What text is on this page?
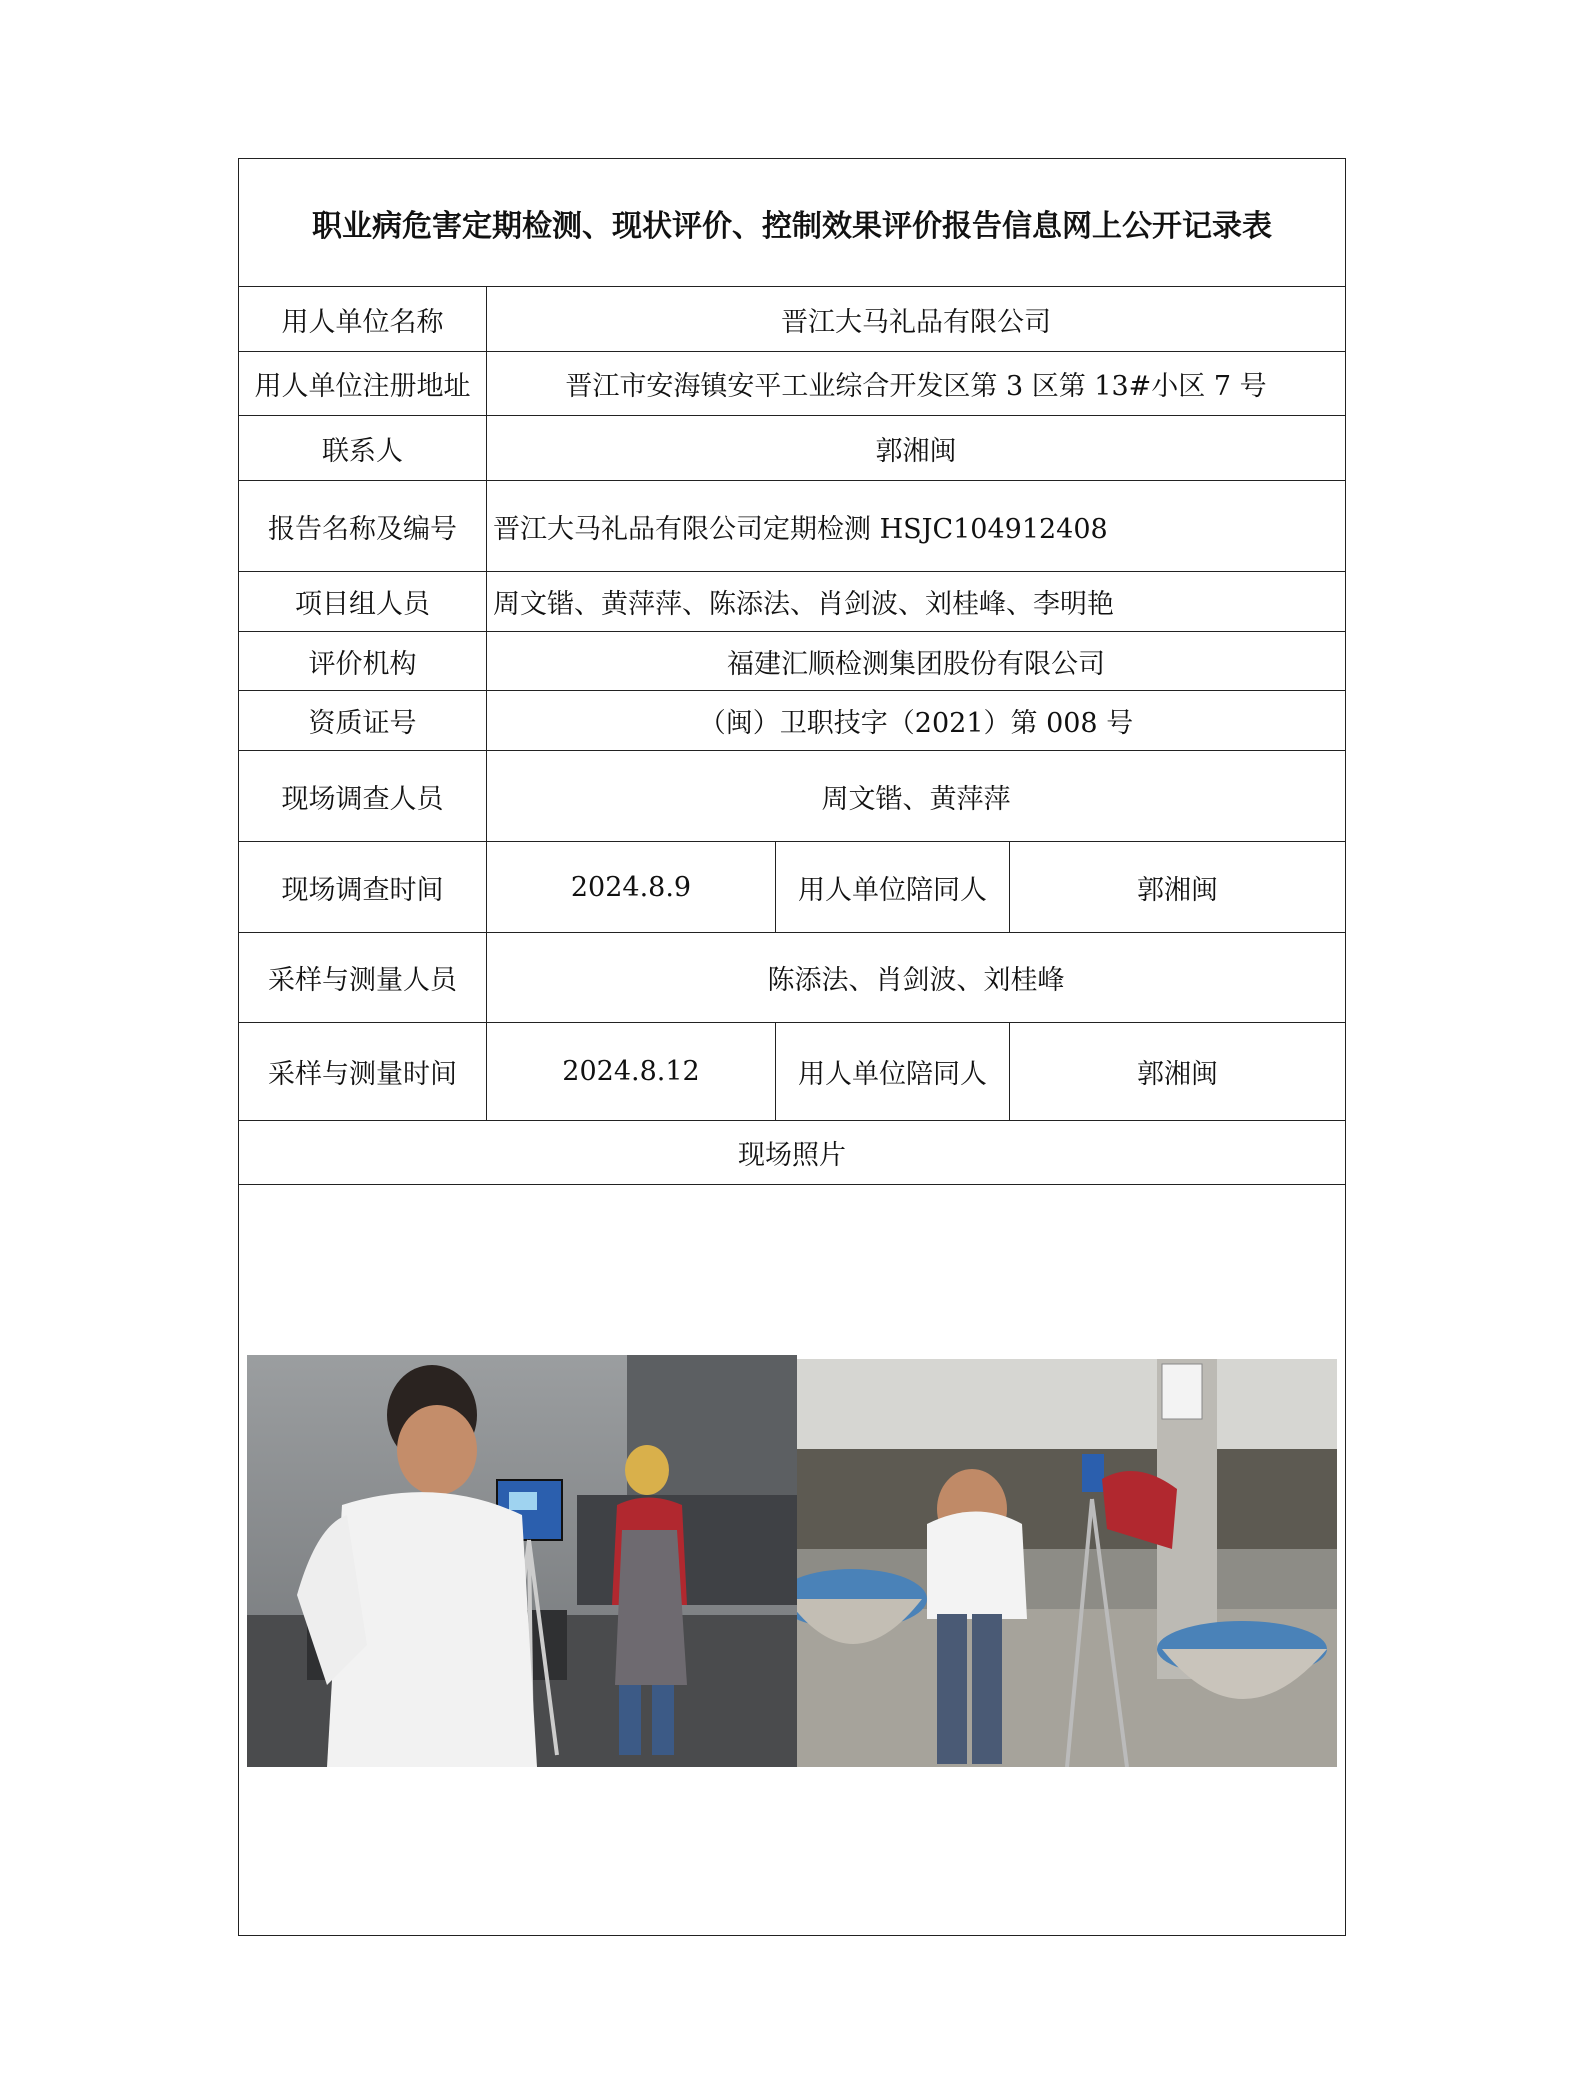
职业病危害定期检测、现状评价、控制效果评价报告信息网上公开记录表
用人单位名称	晋江大马礼品有限公司
用人单位注册地址	晋江市安海镇安平工业综合开发区第 3 区第 13#小区 7 号
联系人	郭湘闽
报告名称及编号	晋江大马礼品有限公司定期检测 HSJC104912408
项目组人员	周文锴、黄萍萍、陈添法、肖剑波、刘桂峰、李明艳
评价机构	福建汇顺检测集团股份有限公司
资质证号	（闽）卫职技字（2021）第 008 号
现场调查人员	周文锴、黄萍萍
现场调查时间	2024.8.9	用人单位陪同人	郭湘闽
采样与测量人员	陈添法、肖剑波、刘桂峰
采样与测量时间	2024.8.12	用人单位陪同人	郭湘闽
现场照片
